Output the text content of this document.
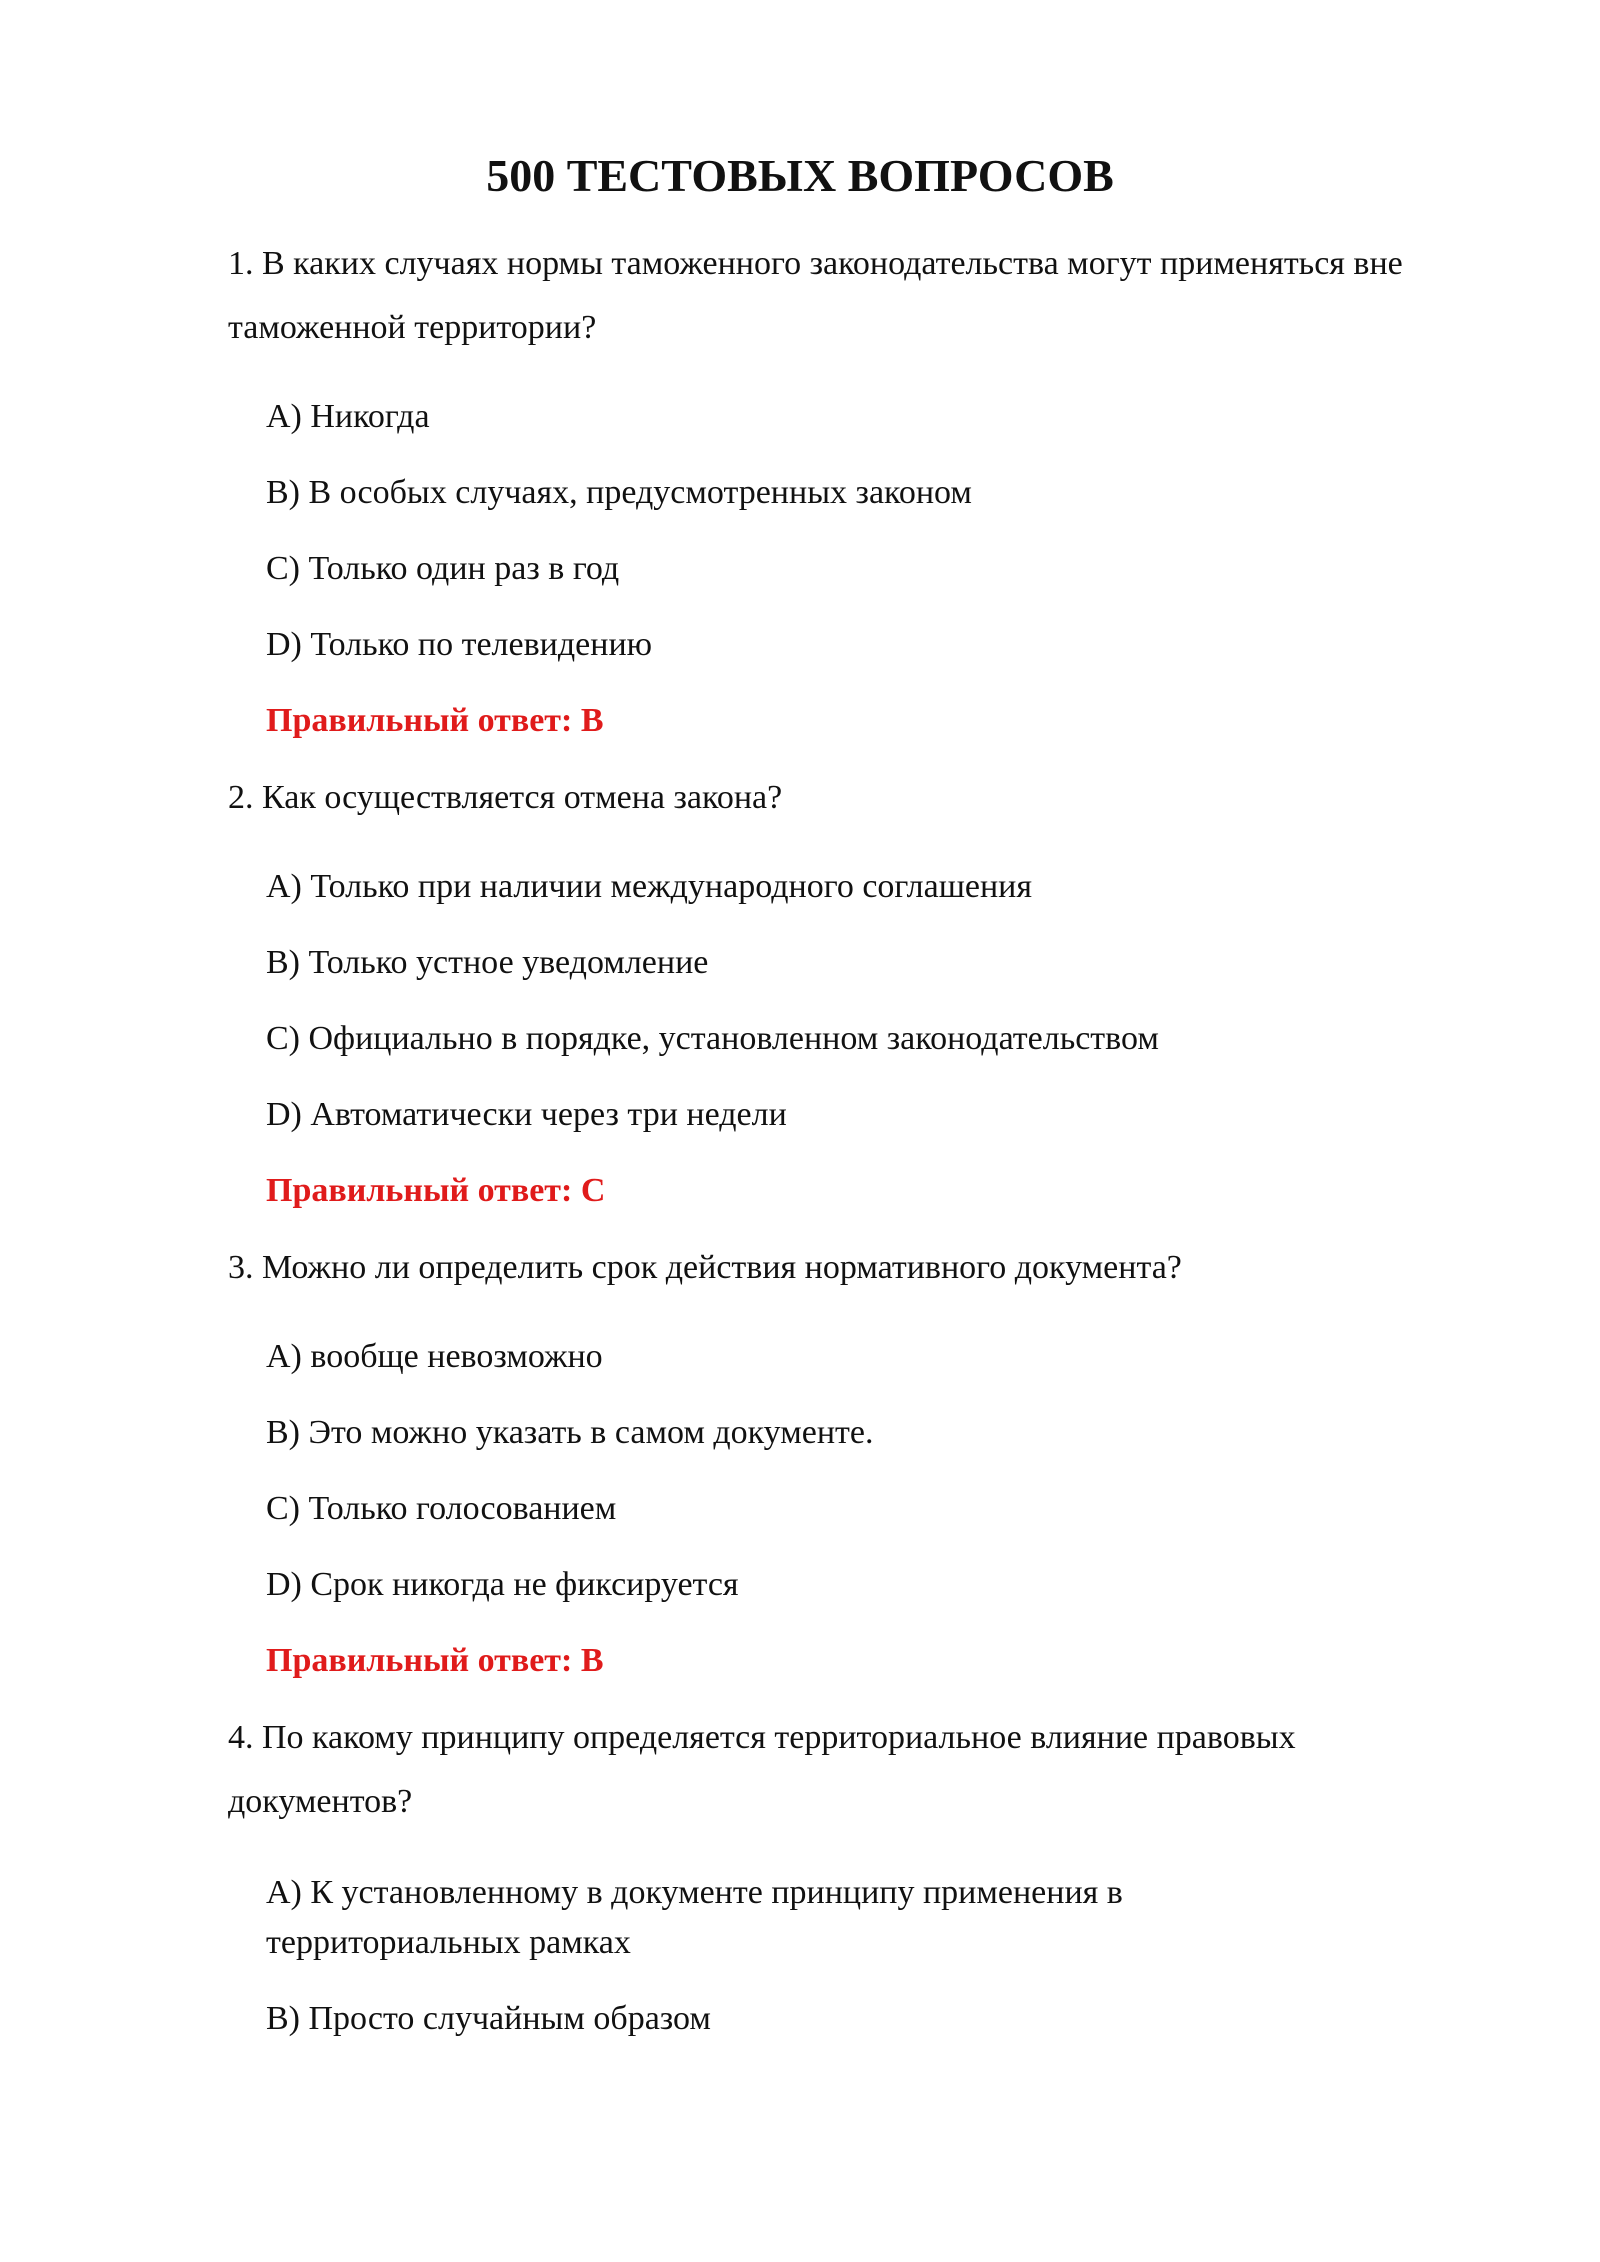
500 ТЕСТОВЫХ ВОПРОСОВ

1. В каких случаях нормы таможенного законодательства могут применяться вне таможенной территории?

A) Никогда

B) В особых случаях, предусмотренных законом

C) Только один раз в год

D) Только по телевидению

Правильный ответ: B

2. Как осуществляется отмена закона?

A) Только при наличии международного соглашения

B) Только устное уведомление

C) Официально в порядке, установленном законодательством

D) Автоматически через три недели

Правильный ответ: C

3. Можно ли определить срок действия нормативного документа?

A) вообще невозможно

B) Это можно указать в самом документе.

C) Только голосованием

D) Срок никогда не фиксируется

Правильный ответ: B

4. По какому принципу определяется территориальное влияние правовых документов?

A) К установленному в документе принципу применения в территориальных рамках

B) Просто случайным образом
